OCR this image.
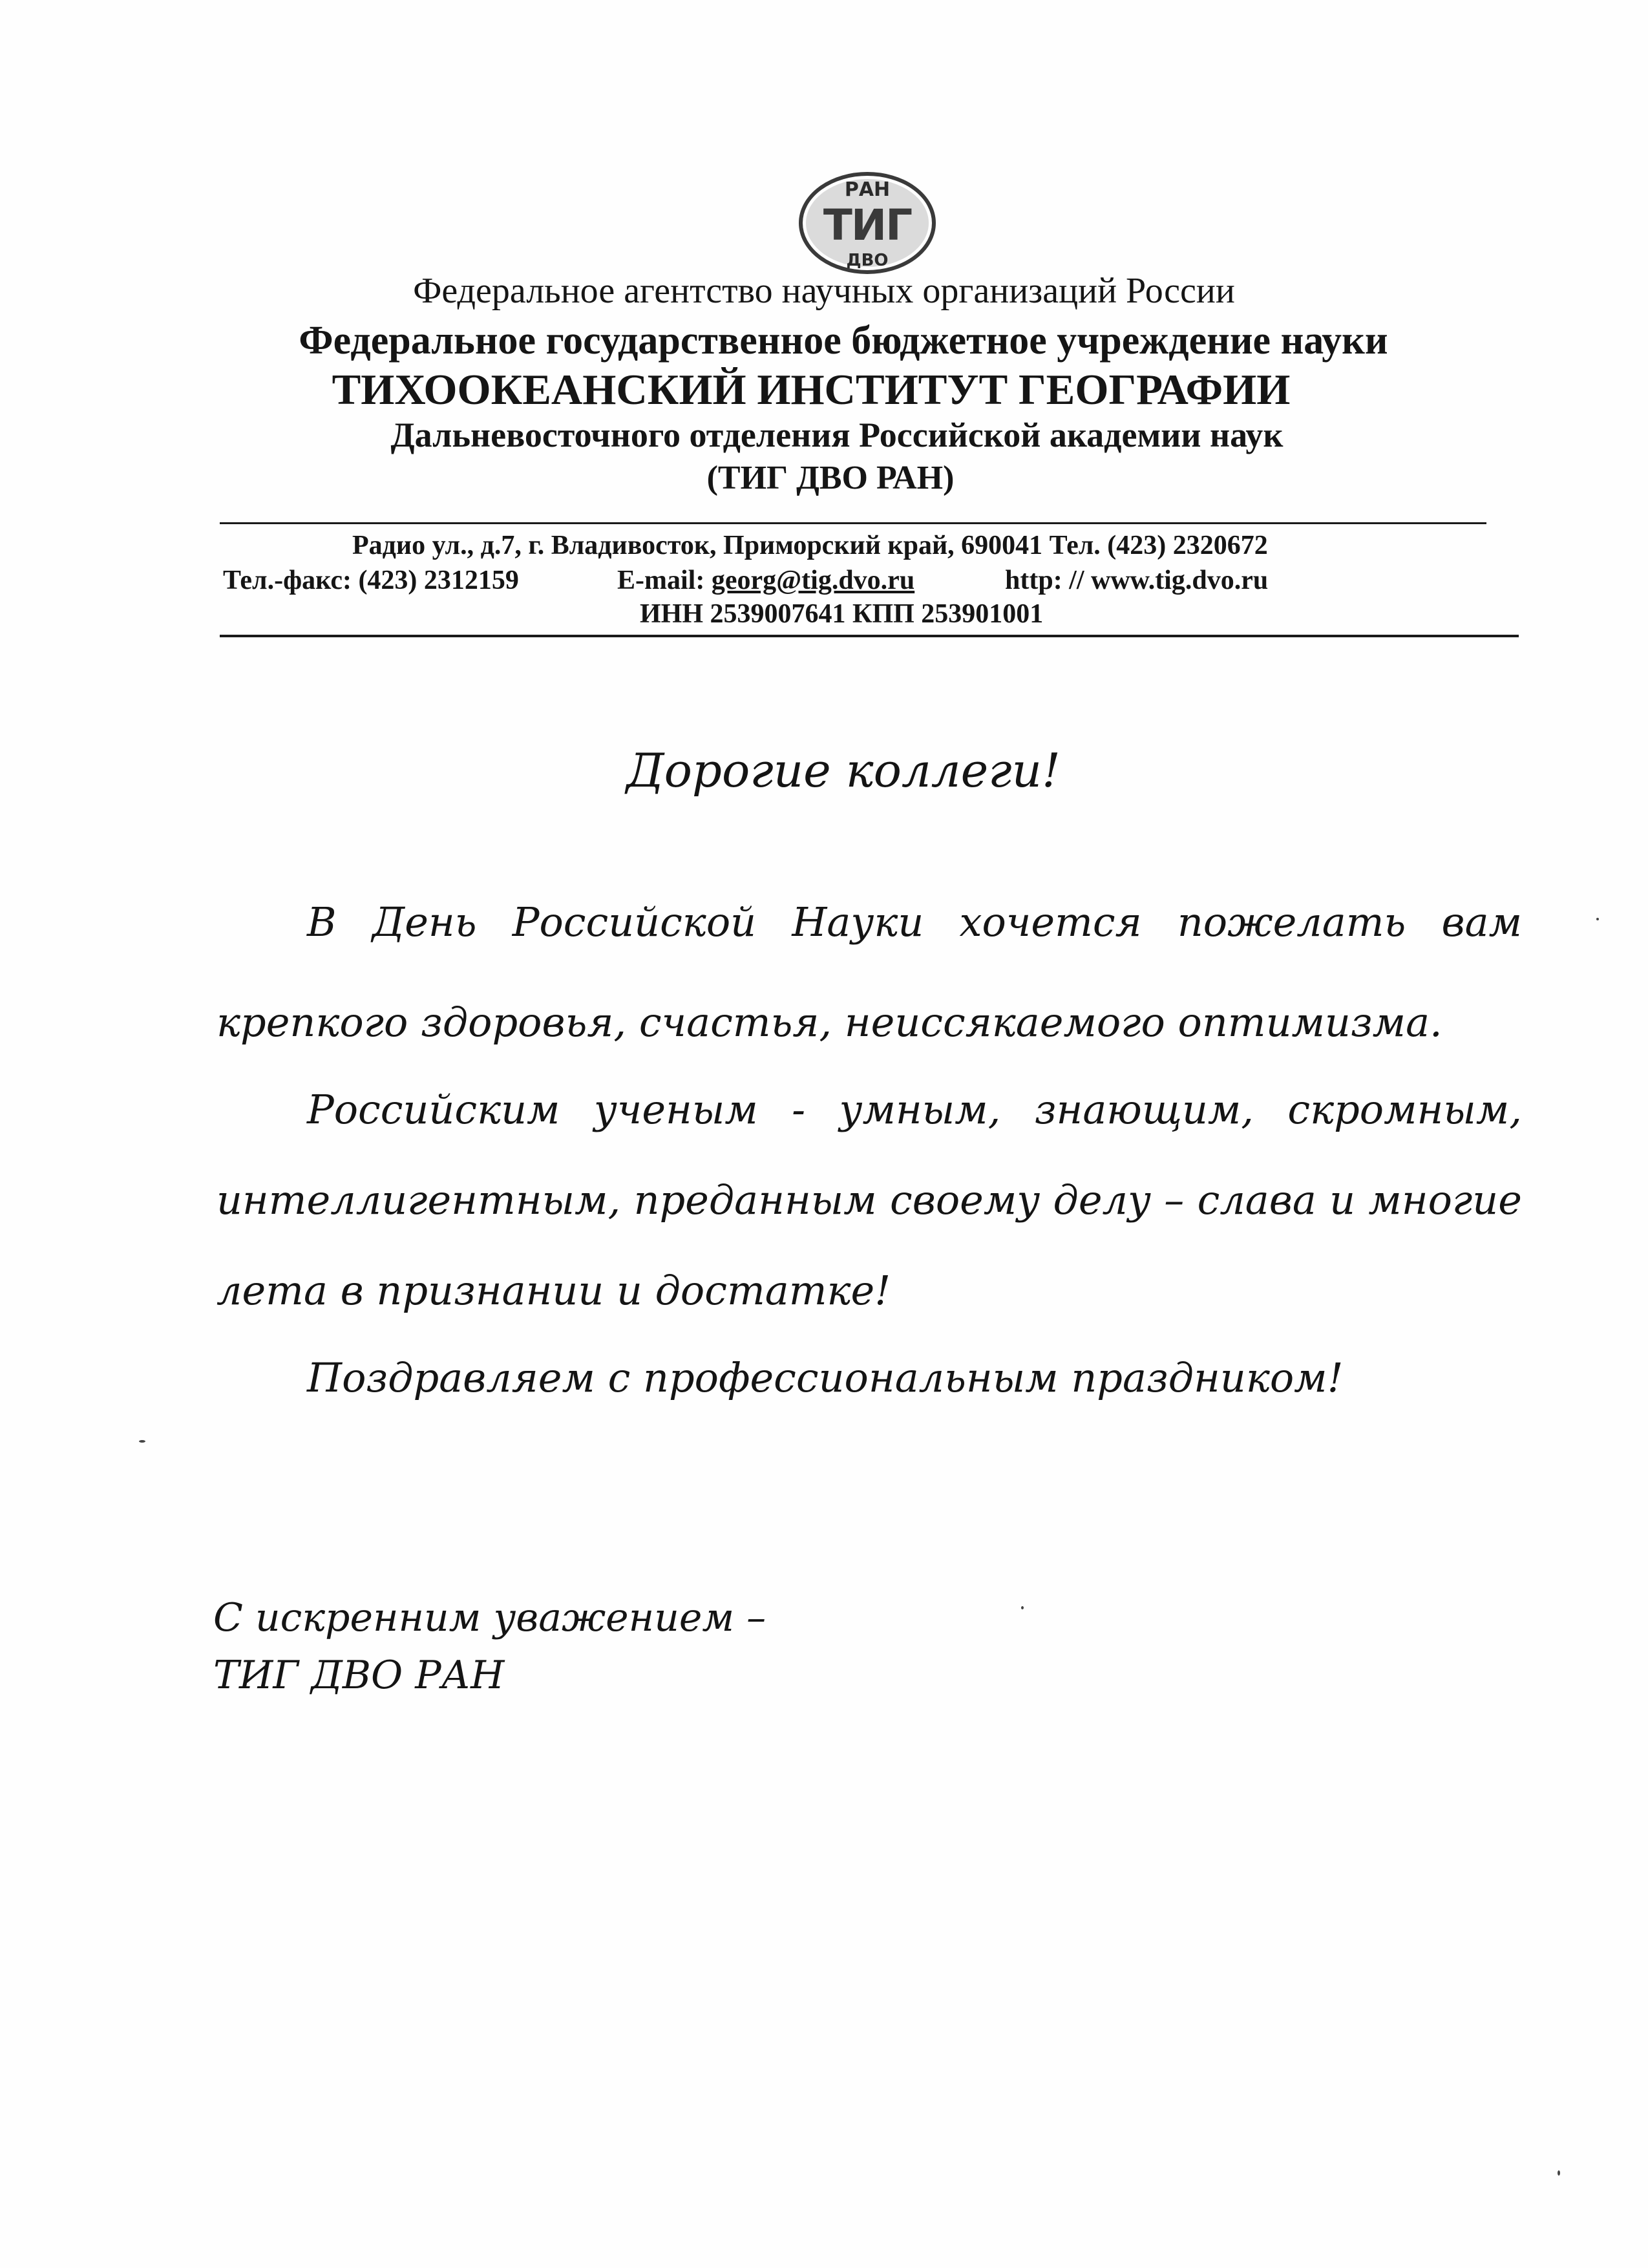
РАН
ТИГ
ДВО
Федеральное агентство научных организаций России
Федеральное государственное бюджетное учреждение науки
ТИХООКЕАНСКИЙ ИНСТИТУТ ГЕОГРАФИИ
Дальневосточного отделения Российской академии наук
(ТИГ ДВО РАН)
Радио ул., д.7, г. Владивосток, Приморский край, 690041 Тел. (423) 2320672
Тел.-факс: (423) 2312159	E-mail: georg@tig.dvo.ru	http: // www.tig.dvo.ru
ИНН 2539007641 КПП 253901001
Дорогие коллеги!
В День Российской Науки хочется пожелать вам
крепкого здоровья, счастья, неиссякаемого оптимизма.
Российским ученым - умным, знающим, скромным,
интеллигентным, преданным своему делу – слава и многие
лета в признании и достатке!
Поздравляем с профессиональным праздником!
С искренним уважением –
ТИГ ДВО РАН
